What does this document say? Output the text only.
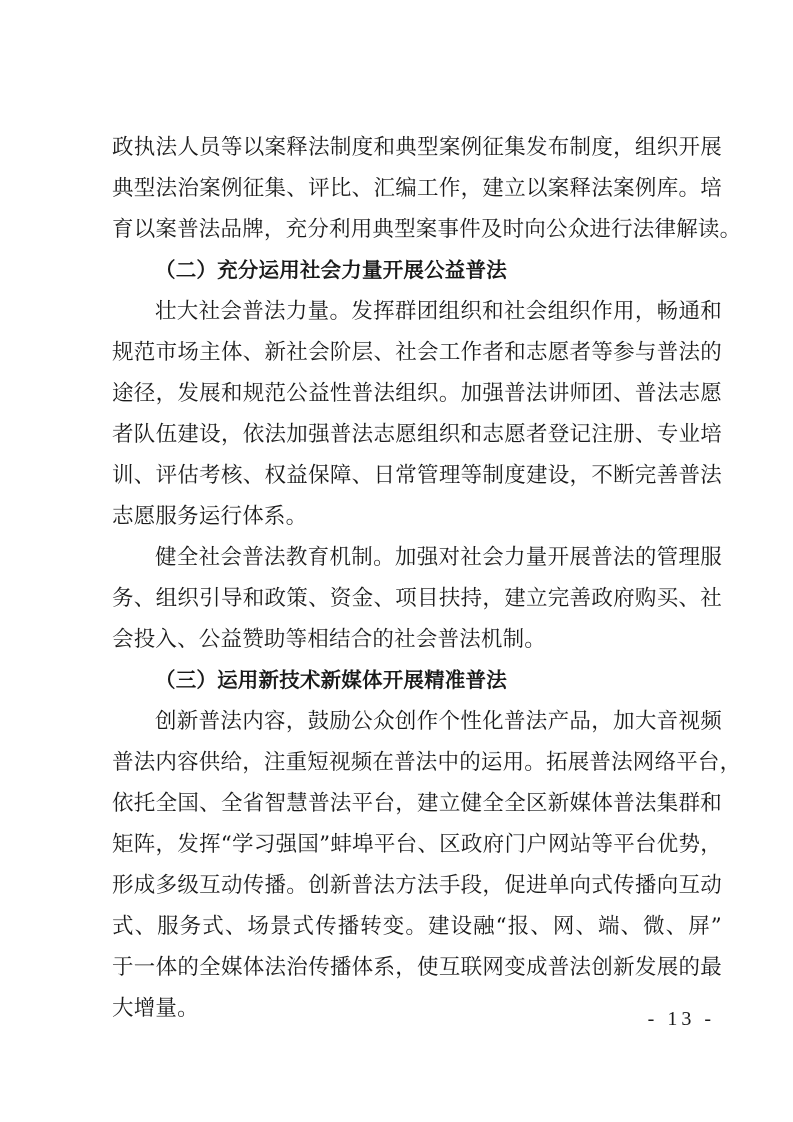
政执法人员等以案释法制度和典型案例征集发布制度，组织开展
典型法治案例征集、评比、汇编工作，建立以案释法案例库。培
育以案普法品牌，充分利用典型案事件及时向公众进行法律解读。
（二）充分运用社会力量开展公益普法
壮大社会普法力量。发挥群团组织和社会组织作用，畅通和
规范市场主体、新社会阶层、社会工作者和志愿者等参与普法的
途径，发展和规范公益性普法组织。加强普法讲师团、普法志愿
者队伍建设，依法加强普法志愿组织和志愿者登记注册、专业培
训、评估考核、权益保障、日常管理等制度建设，不断完善普法
志愿服务运行体系。
健全社会普法教育机制。加强对社会力量开展普法的管理服
务、组织引导和政策、资金、项目扶持，建立完善政府购买、社
会投入、公益赞助等相结合的社会普法机制。
（三）运用新技术新媒体开展精准普法
创新普法内容，鼓励公众创作个性化普法产品，加大音视频
普法内容供给，注重短视频在普法中的运用。拓展普法网络平台，
依托全国、全省智慧普法平台，建立健全全区新媒体普法集群和
矩阵，发挥“学习强国”蚌埠平台、区政府门户网站等平台优势，
形成多级互动传播。创新普法方法手段，促进单向式传播向互动
式、服务式、场景式传播转变。建设融“报、网、端、微、屏”
于一体的全媒体法治传播体系，使互联网变成普法创新发展的最
大增量。	- 13 -
